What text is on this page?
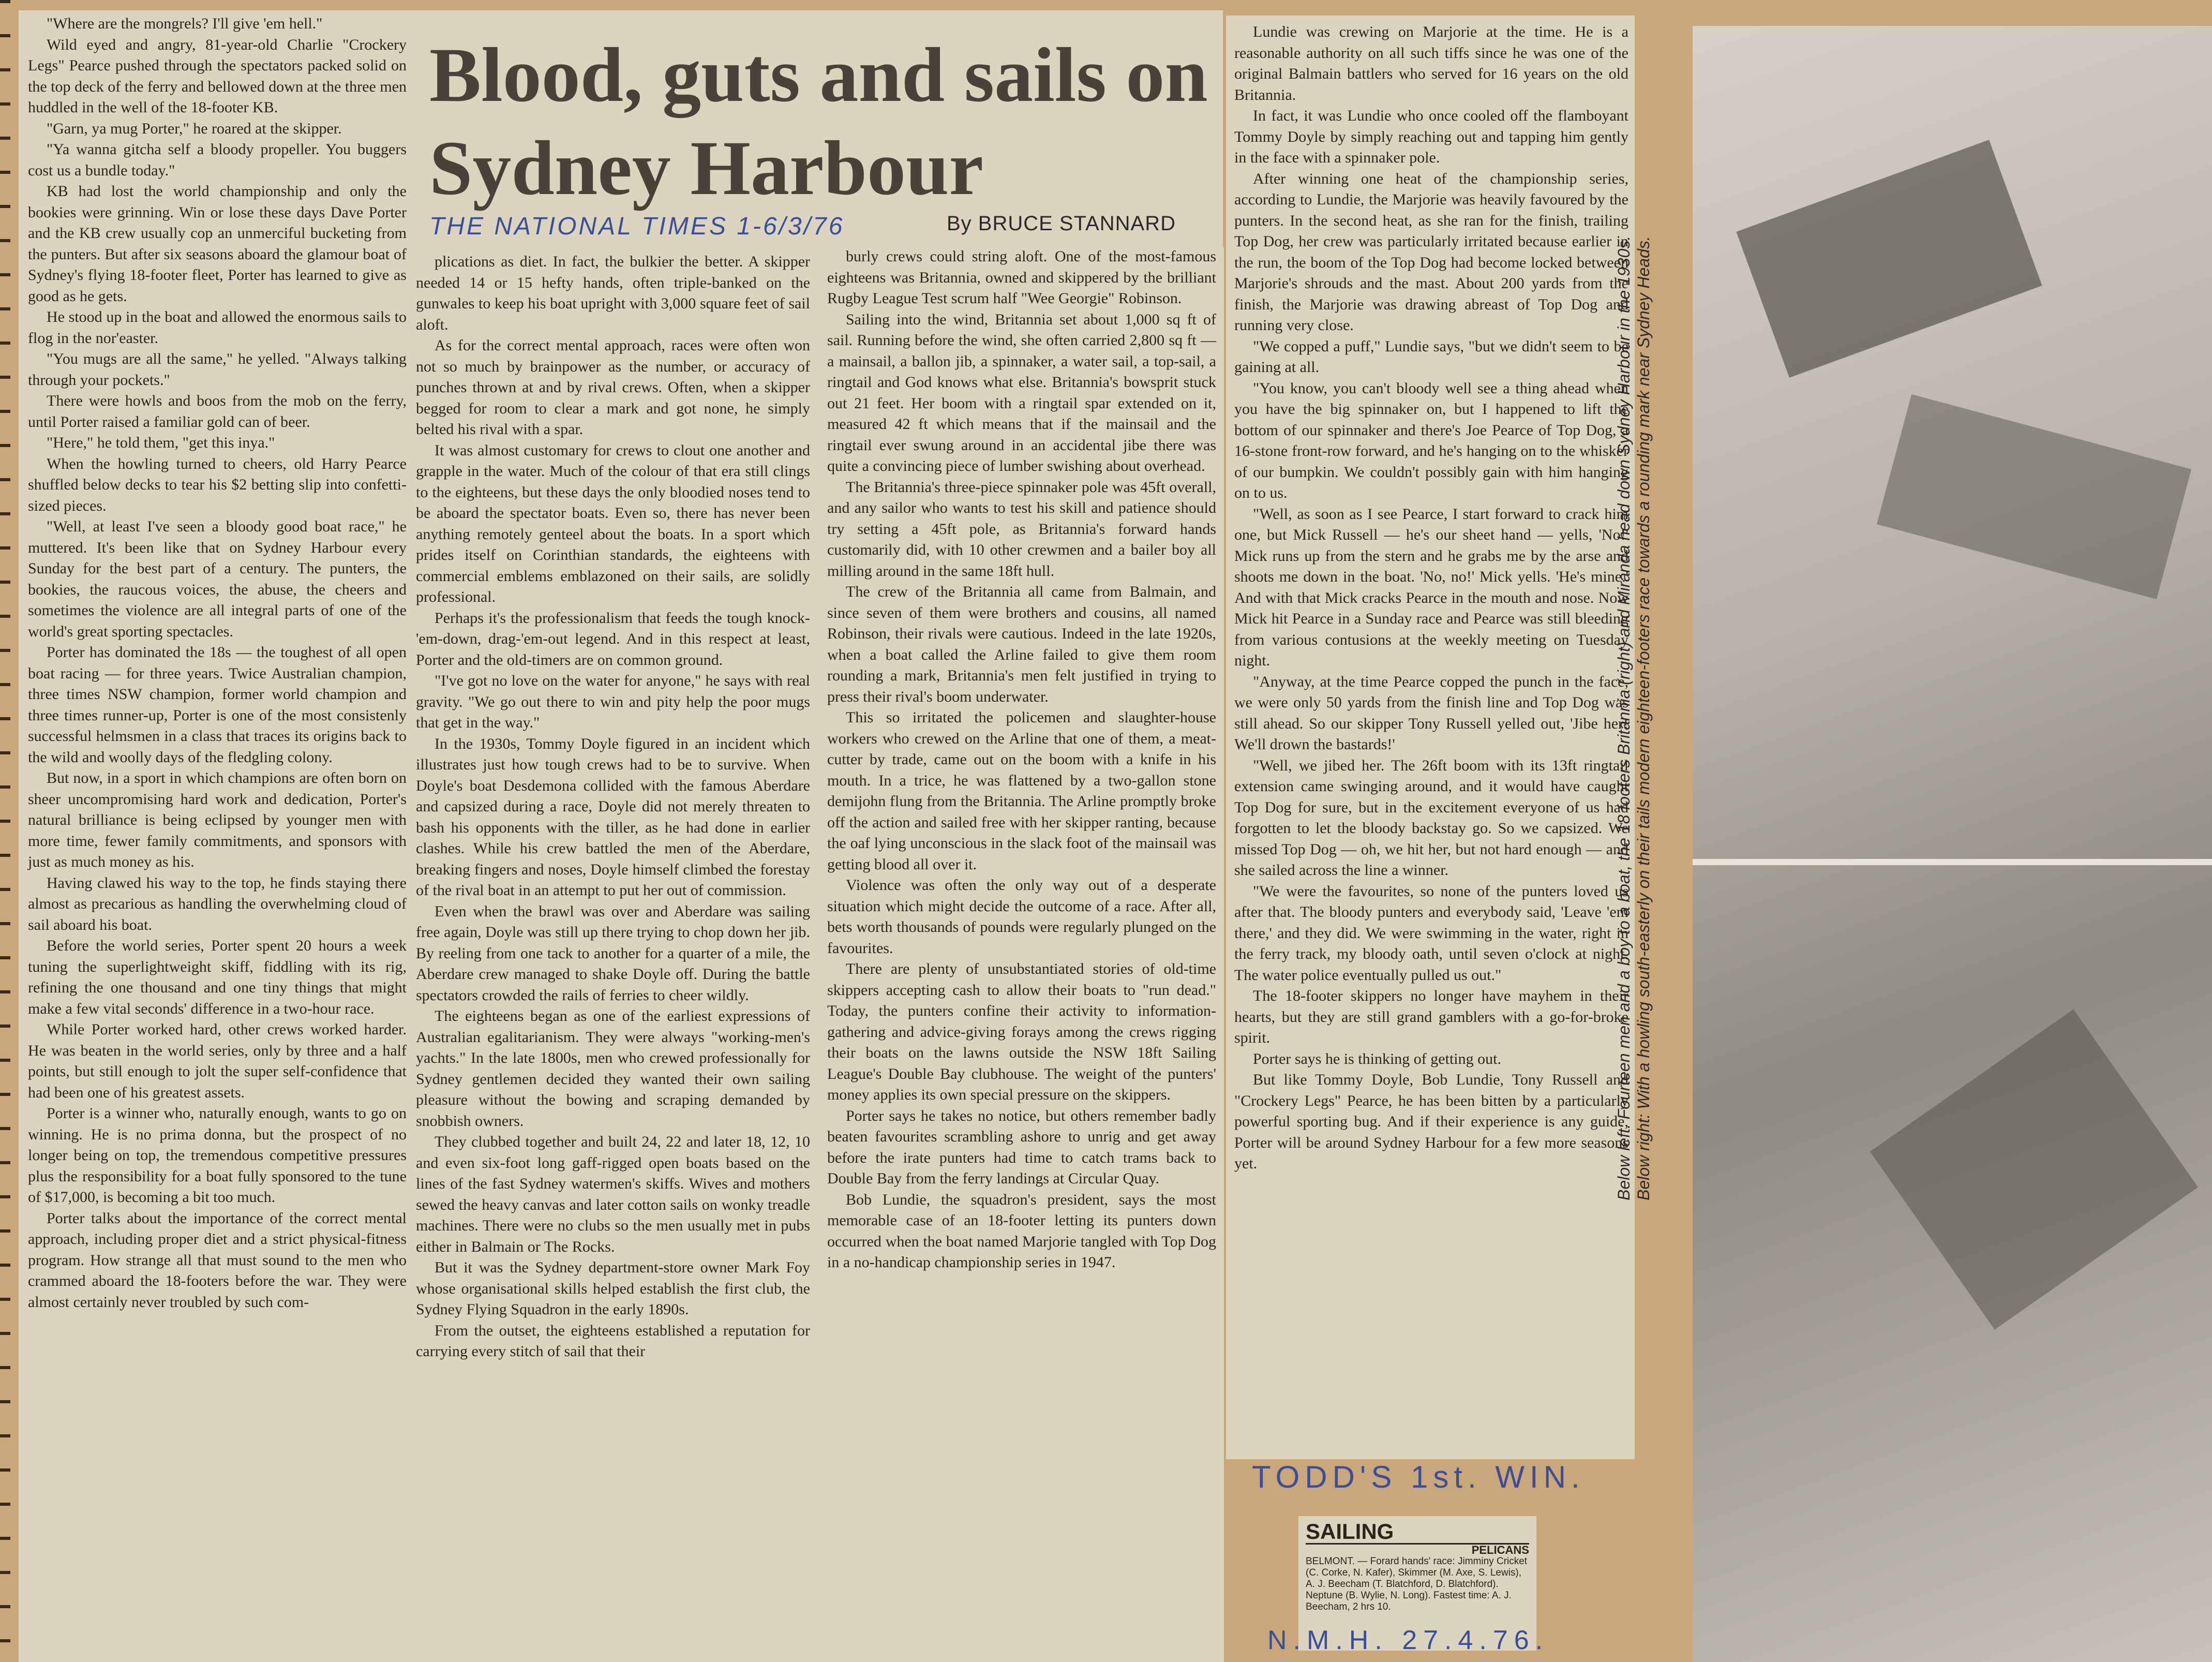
Blood, guts and sails on Sydney Harbour
THE NATIONAL TIMES 1-6/3/76	By BRUCE STANNARD

"Where are the mongrels? I'll give 'em hell."

Wild eyed and angry, 81-year-old Charlie "Crockery Legs" Pearce pushed through the spectators packed solid on the top deck of the ferry and bellowed down at the three men huddled in the well of the 18-footer KB.

"Garn, ya mug Porter," he roared at the skipper.

"Ya wanna gitcha self a bloody propeller. You buggers cost us a bundle today."

KB had lost the world championship and only the bookies were grinning. Win or lose these days Dave Porter and the KB crew usually cop an unmerciful bucketing from the punters. But after six seasons aboard the glamour boat of Sydney's flying 18-footer fleet, Porter has learned to give as good as he gets.

He stood up in the boat and allowed the enormous sails to flog in the nor'easter.

"You mugs are all the same," he yelled. "Always talking through your pockets."

There were howls and boos from the mob on the ferry, until Porter raised a familiar gold can of beer.

"Here," he told them, "get this inya."

When the howling turned to cheers, old Harry Pearce shuffled below decks to tear his $2 betting slip into confetti-sized pieces.

"Well, at least I've seen a bloody good boat race," he muttered. It's been like that on Sydney Harbour every Sunday for the best part of a century. The punters, the bookies, the raucous voices, the abuse, the cheers and sometimes the violence are all integral parts of one of the world's great sporting spectacles.

Porter has dominated the 18s — the toughest of all open boat racing — for three years. Twice Australian champion, three times NSW champion, former world champion and three times runner-up, Porter is one of the most consistenly successful helmsmen in a class that traces its origins back to the wild and woolly days of the fledgling colony.

But now, in a sport in which champions are often born on sheer uncompromising hard work and dedication, Porter's natural brilliance is being eclipsed by younger men with more time, fewer family commitments, and sponsors with just as much money as his.

Having clawed his way to the top, he finds staying there almost as precarious as handling the overwhelming cloud of sail aboard his boat.

Before the world series, Porter spent 20 hours a week tuning the superlightweight skiff, fiddling with its rig, refining the one thousand and one tiny things that might make a few vital seconds' difference in a two-hour race.

While Porter worked hard, other crews worked harder. He was beaten in the world series, only by three and a half points, but still enough to jolt the super self-confidence that had been one of his greatest assets.

Porter is a winner who, naturally enough, wants to go on winning. He is no prima donna, but the prospect of no longer being on top, the tremendous competitive pressures plus the responsibility for a boat fully sponsored to the tune of $17,000, is becoming a bit too much.

Porter talks about the importance of the correct mental approach, including proper diet and a strict physical-fitness program. How strange all that must sound to the men who crammed aboard the 18-footers before the war. They were almost certainly never troubled by such com-

plications as diet. In fact, the bulkier the better. A skipper needed 14 or 15 hefty hands, often triple-banked on the gunwales to keep his boat upright with 3,000 square feet of sail aloft.

As for the correct mental approach, races were often won not so much by brainpower as the number, or accuracy of punches thrown at and by rival crews. Often, when a skipper begged for room to clear a mark and got none, he simply belted his rival with a spar.

It was almost customary for crews to clout one another and grapple in the water. Much of the colour of that era still clings to the eighteens, but these days the only bloodied noses tend to be aboard the spectator boats. Even so, there has never been anything remotely genteel about the boats. In a sport which prides itself on Corinthian standards, the eighteens with commercial emblems emblazoned on their sails, are solidly professional.

Perhaps it's the professionalism that feeds the tough knock-'em-down, drag-'em-out legend. And in this respect at least, Porter and the old-timers are on common ground.

"I've got no love on the water for anyone," he says with real gravity. "We go out there to win and pity help the poor mugs that get in the way."

In the 1930s, Tommy Doyle figured in an incident which illustrates just how tough crews had to be to survive. When Doyle's boat Desdemona collided with the famous Aberdare and capsized during a race, Doyle did not merely threaten to bash his opponents with the tiller, as he had done in earlier clashes. While his crew battled the men of the Aberdare, breaking fingers and noses, Doyle himself climbed the forestay of the rival boat in an attempt to put her out of commission.

Even when the brawl was over and Aberdare was sailing free again, Doyle was still up there trying to chop down her jib. By reeling from one tack to another for a quarter of a mile, the Aberdare crew managed to shake Doyle off. During the battle spectators crowded the rails of ferries to cheer wildly.

The eighteens began as one of the earliest expressions of Australian egalitarianism. They were always "working-men's yachts." In the late 1800s, men who crewed professionally for Sydney gentlemen decided they wanted their own sailing pleasure without the bowing and scraping demanded by snobbish owners.

They clubbed together and built 24, 22 and later 18, 12, 10 and even six-foot long gaff-rigged open boats based on the lines of the fast Sydney watermen's skiffs. Wives and mothers sewed the heavy canvas and later cotton sails on wonky treadle machines. There were no clubs so the men usually met in pubs either in Balmain or The Rocks.

But it was the Sydney department-store owner Mark Foy whose organisational skills helped establish the first club, the Sydney Flying Squadron in the early 1890s.

From the outset, the eighteens established a reputation for carrying every stitch of sail that their

burly crews could string aloft. One of the most-famous eighteens was Britannia, owned and skippered by the brilliant Rugby League Test scrum half "Wee Georgie" Robinson.

Sailing into the wind, Britannia set about 1,000 sq ft of sail. Running before the wind, she often carried 2,800 sq ft — a mainsail, a ballon jib, a spinnaker, a water sail, a top-sail, a ringtail and God knows what else. Britannia's bowsprit stuck out 21 feet. Her boom with a ringtail spar extended on it, measured 42 ft which means that if the mainsail and the ringtail ever swung around in an accidental jibe there was quite a convincing piece of lumber swishing about overhead.

The Britannia's three-piece spinnaker pole was 45ft overall, and any sailor who wants to test his skill and patience should try setting a 45ft pole, as Britannia's forward hands customarily did, with 10 other crewmen and a bailer boy all milling around in the same 18ft hull.

The crew of the Britannia all came from Balmain, and since seven of them were brothers and cousins, all named Robinson, their rivals were cautious. Indeed in the late 1920s, when a boat called the Arline failed to give them room rounding a mark, Britannia's men felt justified in trying to press their rival's boom underwater.

This so irritated the policemen and slaughter-house workers who crewed on the Arline that one of them, a meat-cutter by trade, came out on the boom with a knife in his mouth. In a trice, he was flattened by a two-gallon stone demijohn flung from the Britannia. The Arline promptly broke off the action and sailed free with her skipper ranting, because the oaf lying unconscious in the slack foot of the mainsail was getting blood all over it.

Violence was often the only way out of a desperate situation which might decide the outcome of a race. After all, bets worth thousands of pounds were regularly plunged on the favourites.

There are plenty of unsubstantiated stories of old-time skippers accepting cash to allow their boats to "run dead." Today, the punters confine their activity to information-gathering and advice-giving forays among the crews rigging their boats on the lawns outside the NSW 18ft Sailing League's Double Bay clubhouse. The weight of the punters' money applies its own special pressure on the skippers.

Porter says he takes no notice, but others remember badly beaten favourites scrambling ashore to unrig and get away before the irate punters had time to catch trams back to Double Bay from the ferry landings at Circular Quay.

Bob Lundie, the squadron's president, says the most memorable case of an 18-footer letting its punters down occurred when the boat named Marjorie tangled with Top Dog in a no-handicap championship series in 1947.

Lundie was crewing on Marjorie at the time. He is a reasonable authority on all such tiffs since he was one of the original Balmain battlers who served for 16 years on the old Britannia.

In fact, it was Lundie who once cooled off the flamboyant Tommy Doyle by simply reaching out and tapping him gently in the face with a spinnaker pole.

After winning one heat of the championship series, according to Lundie, the Marjorie was heavily favoured by the punters. In the second heat, as she ran for the finish, trailing Top Dog, her crew was particularly irritated because earlier in the run, the boom of the Top Dog had become locked between Marjorie's shrouds and the mast. About 200 yards from the finish, the Marjorie was drawing abreast of Top Dog and running very close.

"We copped a puff," Lundie says, "but we didn't seem to be gaining at all.

"You know, you can't bloody well see a thing ahead when you have the big spinnaker on, but I happened to lift the bottom of our spinnaker and there's Joe Pearce of Top Dog, a 16-stone front-row forward, and he's hanging on to the whisker of our bumpkin. We couldn't possibly gain with him hanging on to us.

"Well, as soon as I see Pearce, I start forward to crack him one, but Mick Russell — he's our sheet hand — yells, 'No!' Mick runs up from the stern and he grabs me by the arse and shoots me down in the boat. 'No, no!' Mick yells. 'He's mine.' And with that Mick cracks Pearce in the mouth and nose. Now Mick hit Pearce in a Sunday race and Pearce was still bleeding from various contusions at the weekly meeting on Tuesday night.

"Anyway, at the time Pearce copped the punch in the face, we were only 50 yards from the finish line and Top Dog was still ahead. So our skipper Tony Russell yelled out, 'Jibe her! We'll drown the bastards!'

"Well, we jibed her. The 26ft boom with its 13ft ringtail extension came swinging around, and it would have caught Top Dog for sure, but in the excitement everyone of us had forgotten to let the bloody backstay go. So we capsized. We missed Top Dog — oh, we hit her, but not hard enough — and she sailed across the line a winner.

"We were the favourites, so none of the punters loved us after that. The bloody punters and everybody said, 'Leave 'em there,' and they did. We were swimming in the water, right in the ferry track, my bloody oath, until seven o'clock at night. The water police eventually pulled us out."

The 18-footer skippers no longer have mayhem in their hearts, but they are still grand gamblers with a go-for-broke spirit.

Porter says he is thinking of getting out.

But like Tommy Doyle, Bob Lundie, Tony Russell and "Crockery Legs" Pearce, he has been bitten by a particularly powerful sporting bug. And if their experience is any guide, Porter will be around Sydney Harbour for a few more seasons yet.	Below left: Fourteen men and a boy to a boat, the 18 footers Britannia (right) and Miranda head down Sydney Harbour in the 1930s. Below right: With a howling south-easterly on their tails modern eighteen-footers race towards a rounding mark near Sydney Heads.
TODD'S 1st. WIN.
SAILING
PELICANS
BELMONT. — Forard hands' race: Jimminy Cricket (C. Corke, N. Kafer), Skimmer (M. Axe, S. Lewis), A. J. Beecham (T. Blatchford, D. Blatchford). Neptune (B. Wylie, N. Long). Fastest time: A. J. Beecham, 2 hrs 10.
N.M.H. 27.4.76.
